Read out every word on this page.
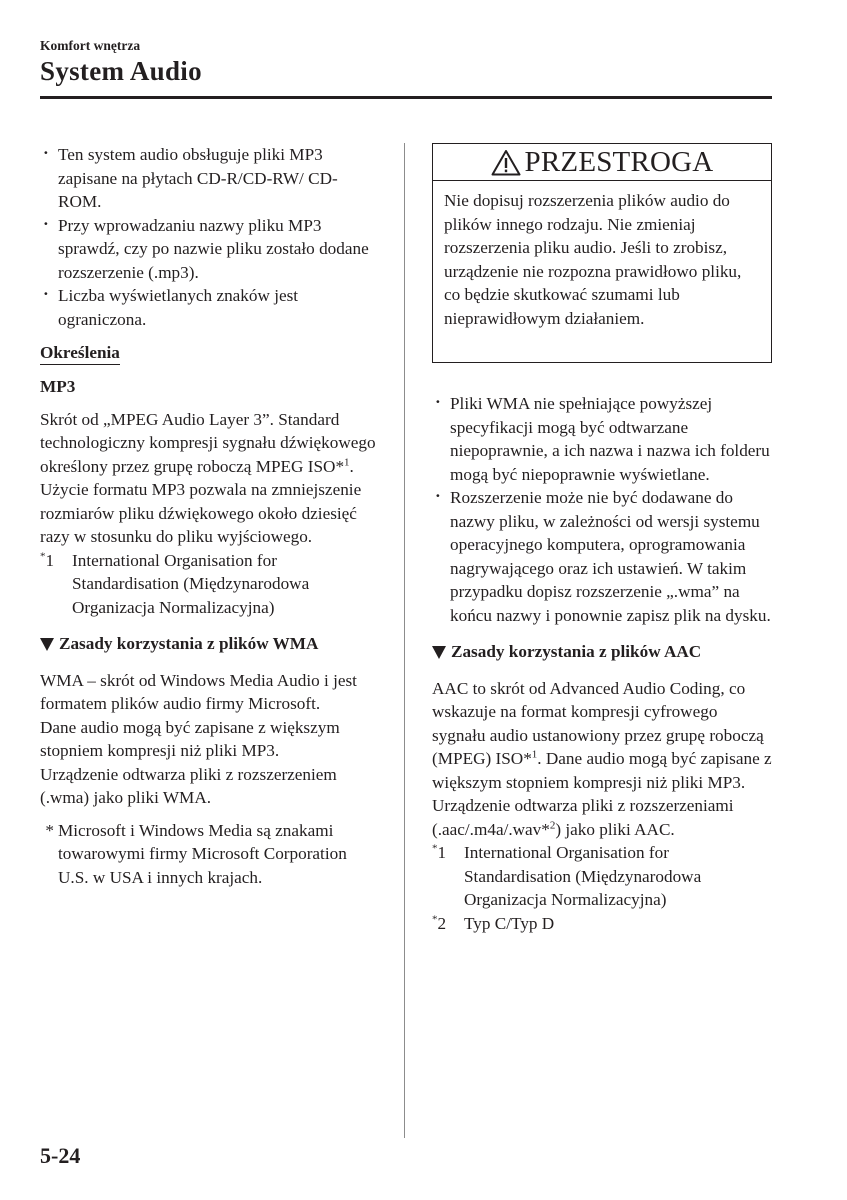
Komfort wnętrza
System Audio
· Ten system audio obsługuje pliki MP3 zapisane na płytach CD-R/CD-RW/ CD-ROM.
· Przy wprowadzaniu nazwy pliku MP3 sprawdź, czy po nazwie pliku zostało dodane rozszerzenie (.mp3).
· Liczba wyświetlanych znaków jest ograniczona.
Określenia
MP3
Skrót od „MPEG Audio Layer 3”. Standard technologiczny kompresji sygnału dźwiękowego określony przez grupę roboczą MPEG ISO*$^1$. Użycie formatu MP3 pozwala na zmniejszenie rozmiarów pliku dźwiękowego około dziesięć razy w stosunku do pliku wyjściowego.
*1	International Organisation for Standardisation (Międzynarodowa Organizacja Normalizacyjna)
Zasady korzystania z plików WMA
WMA – skrót od Windows Media Audio i jest formatem plików audio firmy Microsoft.
Dane audio mogą być zapisane z większym stopniem kompresji niż pliki MP3.
Urządzenie odtwarza pliki z rozszerzeniem (.wma) jako pliki WMA.
* Microsoft i Windows Media są znakami towarowymi firmy Microsoft Corporation U.S. w USA i innych krajach.
PRZESTROGA
Nie dopisuj rozszerzenia plików audio do plików innego rodzaju. Nie zmieniaj rozszerzenia pliku audio. Jeśli to zrobisz, urządzenie nie rozpozna prawidłowo pliku, co będzie skutkować szumami lub nieprawidłowym działaniem.
· Pliki WMA nie spełniające powyższej specyfikacji mogą być odtwarzane niepoprawnie, a ich nazwa i nazwa ich folderu mogą być niepoprawnie wyświetlane.
· Rozszerzenie może nie być dodawane do nazwy pliku, w zależności od wersji systemu operacyjnego komputera, oprogramowania nagrywającego oraz ich ustawień. W takim przypadku dopisz rozszerzenie „.wma” na końcu nazwy i ponownie zapisz plik na dysku.
Zasady korzystania z plików AAC
AAC to skrót od Advanced Audio Coding, co wskazuje na format kompresji cyfrowego sygnału audio ustanowiony przez grupę roboczą (MPEG) ISO*$^1$. Dane audio mogą być zapisane z większym stopniem kompresji niż pliki MP3. Urządzenie odtwarza pliki z rozszerzeniami (.aac/.m4a/.wav*$^2$) jako pliki AAC.
*1	International Organisation for Standardisation (Międzynarodowa Organizacja Normalizacyjna)
*2	Typ C/Typ D
5-24
